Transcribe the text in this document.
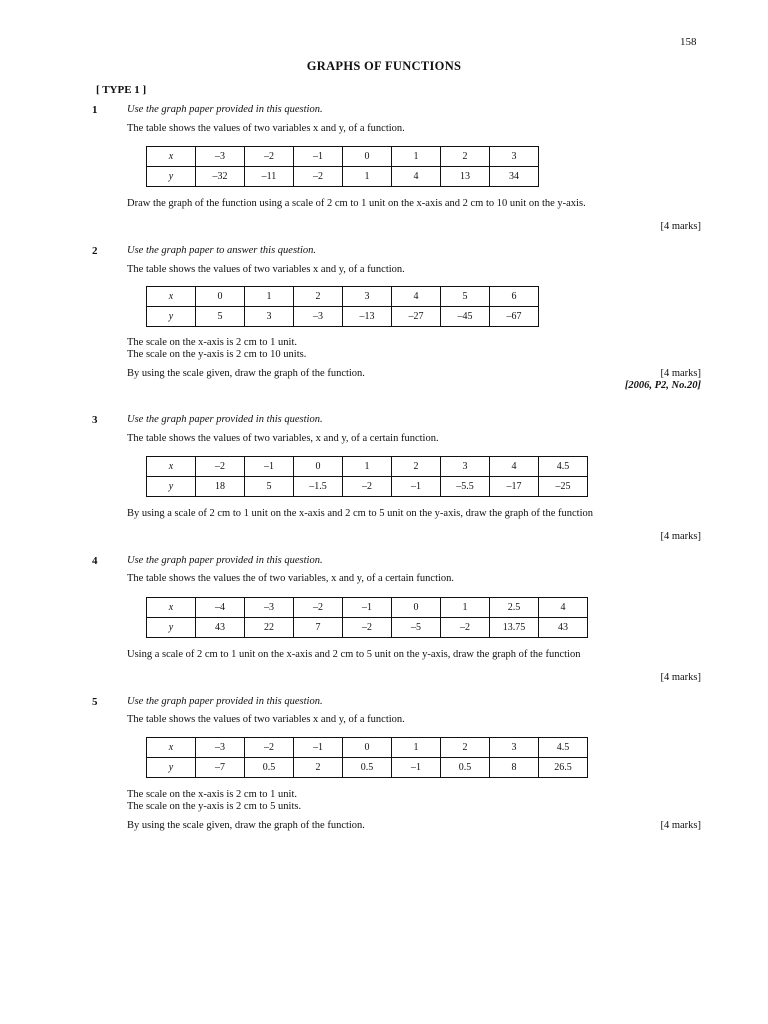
158
GRAPHS OF FUNCTIONS
[ TYPE 1 ]
1	Use the graph paper provided in this question.
The table shows the values of two variables x and y, of a function.
x	–3	–2	–1	0	1	2	3
y	–32	–11	–2	1	4	13	34
Draw the graph of the function using a scale of 2 cm to 1 unit on the x-axis and 2 cm to 10 unit on the y-axis.
[4 marks]
2	Use the graph paper to answer this question.
The table shows the values of two variables x and y, of a function.
x	0	1	2	3	4	5	6
y	5	3	–3	–13	–27	–45	–67
The scale on the x-axis is 2 cm to 1 unit.
The scale on the y-axis is 2 cm to 10 units.
By using the scale given, draw the graph of the function.	[4 marks]
[2006, P2, No.20]
3	Use the graph paper provided in this question.
The table shows the values of two variables, x and y, of a certain function.
x	–2	–1	0	1	2	3	4	4.5
y	18	5	–1.5	–2	–1	–5.5	–17	–25
By using a scale of 2 cm to 1 unit on the x-axis and 2 cm to 5 unit on the y-axis, draw the graph of the function
[4 marks]
4	Use the graph paper provided in this question.
The table shows the values the of two variables, x and y, of a certain function.
x	–4	–3	–2	–1	0	1	2.5	4
y	43	22	7	–2	–5	–2	13.75	43
Using a scale of 2 cm to 1 unit on the x-axis and 2 cm to 5 unit on the y-axis, draw the graph of the function
[4 marks]
5	Use the graph paper provided in this question.
The table shows the values of two variables x and y, of a function.
x	–3	–2	–1	0	1	2	3	4.5
y	–7	0.5	2	0.5	–1	0.5	8	26.5
The scale on the x-axis is 2 cm to 1 unit.
The scale on the y-axis is 2 cm to 5 units.
By using the scale given, draw the graph of the function.	[4 marks]
